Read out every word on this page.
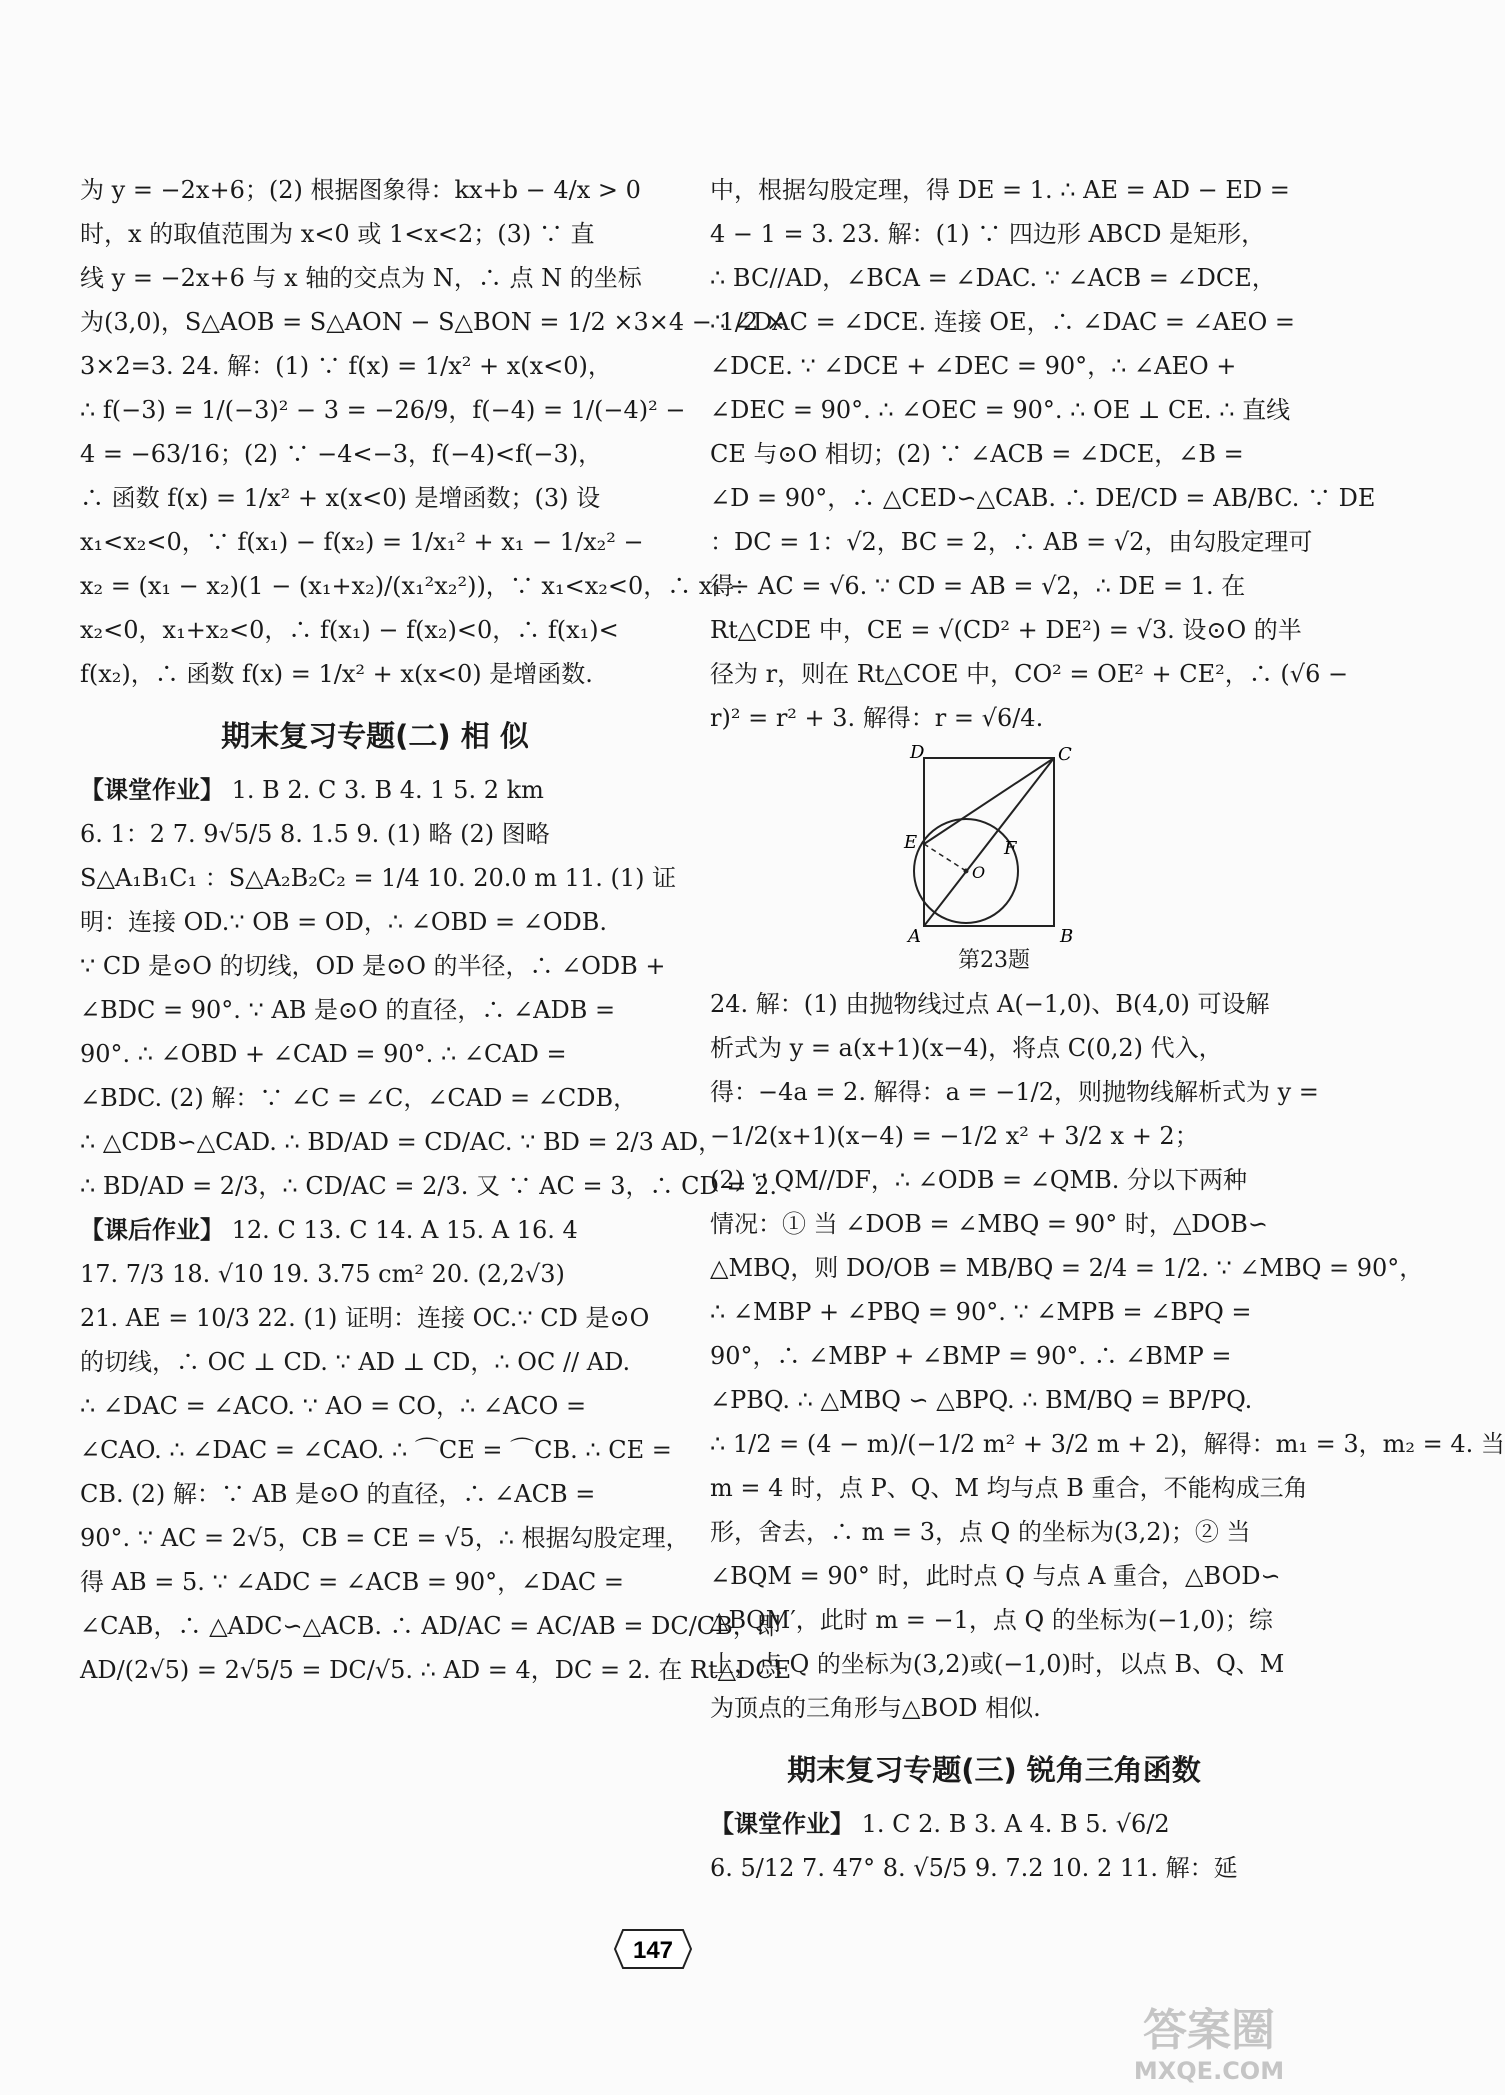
为 y = −2x+6；(2) 根据图象得：kx+b − 4/x > 0
时，x 的取值范围为 x<0 或 1<x<2；(3) ∵ 直
线 y = −2x+6 与 x 轴的交点为 N，∴ 点 N 的坐标
为(3,0)，S△AOB = S△AON − S△BON = 1/2 ×3×4 − 1/2 ×
3×2=3. 24. 解：(1) ∵ f(x) = 1/x² + x(x<0)，
∴ f(−3) = 1/(−3)² − 3 = −26/9，f(−4) = 1/(−4)² −
4 = −63/16；(2) ∵ −4<−3，f(−4)<f(−3)，
∴ 函数 f(x) = 1/x² + x(x<0) 是增函数；(3) 设
x₁<x₂<0，∵ f(x₁) − f(x₂) = 1/x₁² + x₁ − 1/x₂² −
x₂ = (x₁ − x₂)(1 − (x₁+x₂)/(x₁²x₂²))，∵ x₁<x₂<0，∴ x₁ −
x₂<0，x₁+x₂<0，∴ f(x₁) − f(x₂)<0，∴ f(x₁)<
f(x₂)，∴ 函数 f(x) = 1/x² + x(x<0) 是增函数.
期末复习专题(二) 相 似
【课堂作业】 1. B 2. C 3. B 4. 1 5. 2 km
6. 1：2 7. 9√5/5 8. 1.5 9. (1) 略 (2) 图略
S△A₁B₁C₁ ：S△A₂B₂C₂ = 1/4 10. 20.0 m 11. (1) 证
明：连接 OD.∵ OB = OD，∴ ∠OBD = ∠ODB.
∵ CD 是⊙O 的切线，OD 是⊙O 的半径，∴ ∠ODB +
∠BDC = 90°. ∵ AB 是⊙O 的直径，∴ ∠ADB =
90°. ∴ ∠OBD + ∠CAD = 90°. ∴ ∠CAD =
∠BDC. (2) 解：∵ ∠C = ∠C，∠CAD = ∠CDB，
∴ △CDB∽△CAD. ∴ BD/AD = CD/AC. ∵ BD = 2/3 AD，
∴ BD/AD = 2/3，∴ CD/AC = 2/3. 又 ∵ AC = 3，∴ CD = 2.
【课后作业】 12. C 13. C 14. A 15. A 16. 4
17. 7/3 18. √10 19. 3.75 cm² 20. (2,2√3)
21. AE = 10/3 22. (1) 证明：连接 OC.∵ CD 是⊙O
的切线，∴ OC ⊥ CD. ∵ AD ⊥ CD，∴ OC // AD.
∴ ∠DAC = ∠ACO. ∵ AO = CO，∴ ∠ACO =
∠CAO. ∴ ∠DAC = ∠CAO. ∴ ⌒CE = ⌒CB. ∴ CE =
CB. (2) 解：∵ AB 是⊙O 的直径，∴ ∠ACB =
90°. ∵ AC = 2√5，CB = CE = √5，∴ 根据勾股定理，
得 AB = 5. ∵ ∠ADC = ∠ACB = 90°，∠DAC =
∠CAB，∴ △ADC∽△ACB. ∴ AD/AC = AC/AB = DC/CB，即
AD/(2√5) = 2√5/5 = DC/√5. ∴ AD = 4，DC = 2. 在 Rt△DCE
中，根据勾股定理，得 DE = 1. ∴ AE = AD − ED =
4 − 1 = 3. 23. 解：(1) ∵ 四边形 ABCD 是矩形，
∴ BC//AD，∠BCA = ∠DAC. ∵ ∠ACB = ∠DCE，
∴ ∠DAC = ∠DCE. 连接 OE，∴ ∠DAC = ∠AEO =
∠DCE. ∵ ∠DCE + ∠DEC = 90°，∴ ∠AEO +
∠DEC = 90°. ∴ ∠OEC = 90°. ∴ OE ⊥ CE. ∴ 直线
CE 与⊙O 相切；(2) ∵ ∠ACB = ∠DCE，∠B =
∠D = 90°，∴ △CED∽△CAB. ∴ DE/CD = AB/BC. ∵ DE
：DC = 1：√2，BC = 2，∴ AB = √2，由勾股定理可
得：AC = √6. ∵ CD = AB = √2，∴ DE = 1. 在
Rt△CDE 中，CE = √(CD² + DE²) = √3. 设⊙O 的半
径为 r，则在 Rt△COE 中，CO² = OE² + CE²，∴ (√6 −
r)² = r² + 3. 解得：r = √6/4.
D	C
E	F
O
A	B
第23题
24. 解：(1) 由抛物线过点 A(−1,0)、B(4,0) 可设解
析式为 y = a(x+1)(x−4)，将点 C(0,2) 代入，
得：−4a = 2. 解得：a = −1/2，则抛物线解析式为 y =
−1/2(x+1)(x−4) = −1/2 x² + 3/2 x + 2；
(2) ∵ QM//DF，∴ ∠ODB = ∠QMB. 分以下两种
情况：① 当 ∠DOB = ∠MBQ = 90° 时，△DOB∽
△MBQ，则 DO/OB = MB/BQ = 2/4 = 1/2. ∵ ∠MBQ = 90°，
∴ ∠MBP + ∠PBQ = 90°. ∵ ∠MPB = ∠BPQ =
90°，∴ ∠MBP + ∠BMP = 90°. ∴ ∠BMP =
∠PBQ. ∴ △MBQ ∽ △BPQ. ∴ BM/BQ = BP/PQ.
∴ 1/2 = (4 − m)/(−1/2 m² + 3/2 m + 2)，解得：m₁ = 3，m₂ = 4. 当
m = 4 时，点 P、Q、M 均与点 B 重合，不能构成三角
形，舍去，∴ m = 3，点 Q 的坐标为(3,2)；② 当
∠BQM = 90° 时，此时点 Q 与点 A 重合，△BOD∽
△BQM′，此时 m = −1，点 Q 的坐标为(−1,0)；综
上，点 Q 的坐标为(3,2)或(−1,0)时，以点 B、Q、M
为顶点的三角形与△BOD 相似.
期末复习专题(三) 锐角三角函数
【课堂作业】 1. C 2. B 3. A 4. B 5. √6/2
6. 5/12 7. 47° 8. √5/5 9. 7.2 10. 2 11. 解：延
147
答案圈
MXQE.COM
